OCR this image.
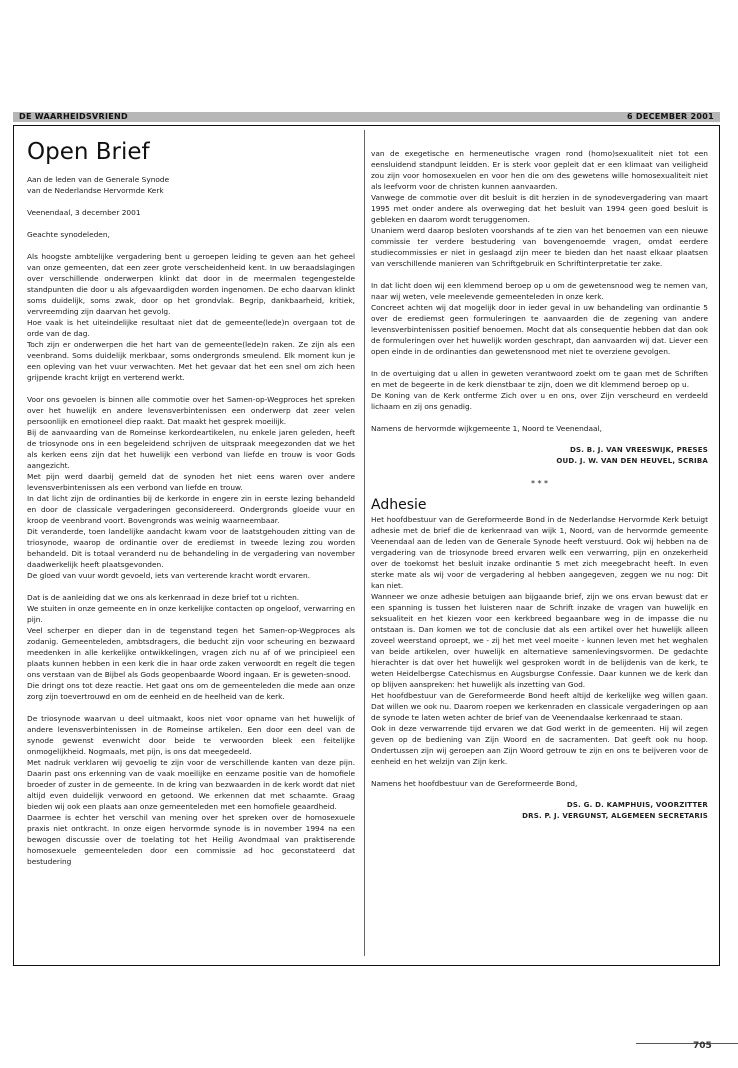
DE WAARHEIDSVRIEND	6 DECEMBER 2001
Open Brief

Aan de leden van de Generale Synode

van de Nederlandse Hervormde Kerk

Veenendaal, 3 december 2001

Geachte synodeleden,

Als hoogste ambtelijke vergadering bent u geroepen leiding te geven aan het geheel van onze gemeenten, dat een zeer grote verscheidenheid kent. In uw beraadslagingen over verschillende onderwerpen klinkt dat door in de meermalen tegengestelde standpunten die door u als afgevaardigden worden ingenomen. De echo daarvan klinkt soms duidelijk, soms zwak, door op het grondvlak. Begrip, dankbaarheid, kritiek, vervreemding zijn daarvan het gevolg.

Hoe vaak is het uiteindelijke resultaat niet dat de gemeente(lede)n overgaan tot de orde van de dag.

Toch zijn er onderwerpen die het hart van de gemeente(lede)n raken. Ze zijn als een veenbrand. Soms duidelijk merkbaar, soms ondergronds smeulend. Elk moment kun je een opleving van het vuur verwachten. Met het gevaar dat het een snel om zich heen grijpende kracht krijgt en verterend werkt.

Voor ons gevoelen is binnen alle commotie over het Samen-op-Wegproces het spreken over het huwelijk en andere levensverbintenissen een onderwerp dat zeer velen persoonlijk en emotioneel diep raakt. Dat maakt het gesprek moeilijk.

Bij de aanvaarding van de Romeinse kerkordeartikelen, nu enkele jaren geleden, heeft de triosynode ons in een begeleidend schrijven de uitspraak meegezonden dat we het als kerken eens zijn dat het huwelijk een verbond van liefde en trouw is voor Gods aangezicht.

Met pijn werd daarbij gemeld dat de synoden het niet eens waren over andere levensverbintenissen als een verbond van liefde en trouw.

In dat licht zijn de ordinanties bij de kerkorde in engere zin in eerste lezing behandeld en door de classicale vergaderingen geconsidereerd. Ondergronds gloeide vuur en kroop de veenbrand voort. Bovengronds was weinig waarneembaar.

Dit veranderde, toen landelijke aandacht kwam voor de laatstgehouden zitting van de triosynode, waarop de ordinantie over de erediemst in tweede lezing zou worden behandeld. Dit is totaal veranderd nu de behandeling in de vergadering van november daadwerkelijk heeft plaatsgevonden.

De gloed van vuur wordt gevoeld, iets van verterende kracht wordt ervaren.

Dat is de aanleiding dat we ons als kerkenraad in deze brief tot u richten.

We stuiten in onze gemeente en in onze kerkelijke contacten op ongeloof, verwarring en pijn.

Veel scherper en dieper dan in de tegenstand tegen het Samen-op-Wegproces als zodanig. Gemeenteleden, ambtsdragers, die beducht zijn voor scheuring en bezwaard meedenken in alle kerkelijke ontwikkelingen, vragen zich nu af of we principieel een plaats kunnen hebben in een kerk die in haar orde zaken verwoordt en regelt die tegen ons verstaan van de Bijbel als Gods geopenbaarde Woord ingaan. Er is geweten-snood.

Die dringt ons tot deze reactie. Het gaat ons om de gemeenteleden die mede aan onze zorg zijn toevertrouwd en om de eenheid en de heelheid van de kerk.

De triosynode waarvan u deel uitmaakt, koos niet voor opname van het huwelijk of andere levensverbintenissen in de Romeinse artikelen. Een door een deel van de synode gewenst evenwicht door beide te verwoorden bleek een feitelijke onmogelijkheid. Nogmaals, met pijn, is ons dat meegedeeld.

Met nadruk verklaren wij gevoelig te zijn voor de verschillende kanten van deze pijn. Daarin past ons erkenning van de vaak moeilijke en eenzame positie van de homofiele broeder of zuster in de gemeente. In de kring van bezwaarden in de kerk wordt dat niet altijd even duidelijk verwoord en getoond. We erkennen dat met schaamte. Graag bieden wij ook een plaats aan onze gemeenteleden met een homofiele geaardheid.

Daarmee is echter het verschil van mening over het spreken over de homosexuele praxis niet ontkracht. In onze eigen hervormde synode is in november 1994 na een bewogen discussie over de toelating tot het Heilig Avondmaal van praktiserende homosexuele gemeenteleden door een commissie ad hoc geconstateerd dat bestudering

van de exegetische en hermeneutische vragen rond (homo)sexualiteit niet tot een eensluidend standpunt leidden. Er is sterk voor gepleit dat er een klimaat van veiligheid zou zijn voor homosexuelen en voor hen die om des gewetens wille homosexualiteit niet als leefvorm voor de christen kunnen aanvaarden.

Vanwege de commotie over dit besluit is dit herzien in de synodevergadering van maart 1995 met onder andere als overweging dat het besluit van 1994 geen goed besluit is gebleken en daarom wordt teruggenomen.

Unaniem werd daarop besloten voorshands af te zien van het benoemen van een nieuwe commissie ter verdere bestudering van bovengenoemde vragen, omdat eerdere studiecommissies er niet in geslaagd zijn meer te bieden dan het naast elkaar plaatsen van verschillende manieren van Schriftgebruik en Schriftinterpretatie ter zake.

In dat licht doen wij een klemmend beroep op u om de gewetensnood weg te nemen van, naar wij weten, vele meelevende gemeenteleden in onze kerk.

Concreet achten wij dat mogelijk door in ieder geval in uw behandeling van ordinantie 5 over de erediemst geen formuleringen te aanvaarden die de zegening van andere levensverbintenissen positief benoemen. Mocht dat als consequentie hebben dat dan ook de formuleringen over het huwelijk worden geschrapt, dan aanvaarden wij dat. Liever een open einde in de ordinanties dan gewetensnood met niet te overziene gevolgen.

In de overtuiging dat u allen in geweten verantwoord zoekt om te gaan met de Schriften en met de begeerte in de kerk dienstbaar te zijn, doen we dit klemmend beroep op u.

De Koning van de Kerk ontferme Zich over u en ons, over Zijn verscheurd en verdeeld lichaam en zij ons genadig.

Namens de hervormde wijkgemeente 1, Noord te Veenendaal,

DS. B. J. VAN VREESWIJK, PRESES

OUD. J. W. VAN DEN HEUVEL, SCRIBA

* * *
Adhesie

Het hoofdbestuur van de Gereformeerde Bond in de Nederlandse Hervormde Kerk betuigt adhesie met de brief die de kerkenraad van wijk 1, Noord, van de hervormde gemeente Veenendaal aan de leden van de Generale Synode heeft verstuurd. Ook wij hebben na de vergadering van de triosynode breed ervaren welk een verwarring, pijn en onzekerheid over de toekomst het besluit inzake ordinantie 5 met zich meegebracht heeft. In even sterke mate als wij voor de vergadering al hebben aangegeven, zeggen we nu nog: Dit kan niet.

Wanneer we onze adhesie betuigen aan bijgaande brief, zijn we ons ervan bewust dat er een spanning is tussen het luisteren naar de Schrift inzake de vragen van huwelijk en seksualiteit en het kiezen voor een kerkbreed begaanbare weg in de impasse die nu ontstaan is. Dan komen we tot de conclusie dat als een artikel over het huwelijk alleen zoveel weerstand oproept, we - zij het met veel moeite - kunnen leven met het weghalen van beide artikelen, over huwelijk en alternatieve samenlevingsvormen. De gedachte hierachter is dat over het huwelijk wel gesproken wordt in de belijdenis van de kerk, te weten Heidelbergse Catechismus en Augsburgse Confessie. Daar kunnen we de kerk dan op blijven aanspreken: het huwelijk als inzetting van God.

Het hoofdbestuur van de Gereformeerde Bond heeft altijd de kerkelijke weg willen gaan. Dat willen we ook nu. Daarom roepen we kerkenraden en classicale vergaderingen op aan de synode te laten weten achter de brief van de Veenendaalse kerkenraad te staan.

Ook in deze verwarrende tijd ervaren we dat God werkt in de gemeenten. Hij wil zegen geven op de bediening van Zijn Woord en de sacramenten. Dat geeft ook nu hoop. Ondertussen zijn wij geroepen aan Zijn Woord getrouw te zijn en ons te beijveren voor de eenheid en het welzijn van Zijn kerk.

Namens het hoofdbestuur van de Gereformeerde Bond,

DS. G. D. KAMPHUIS, VOORZITTER

DRS. P. J. VERGUNST, ALGEMEEN SECRETARIS

705
